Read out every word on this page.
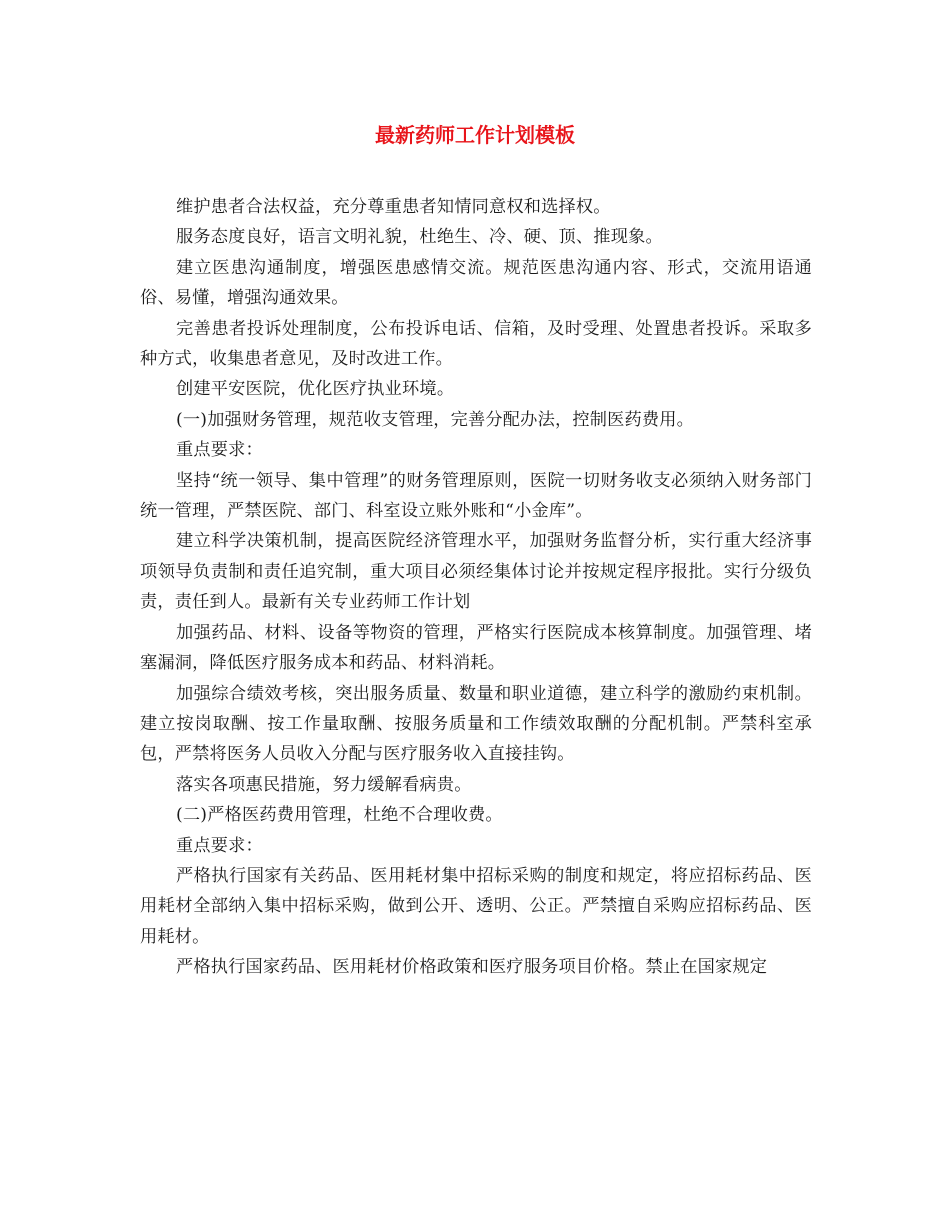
最新药师工作计划模板

维护患者合法权益，充分尊重患者知情同意权和选择权。

服务态度良好，语言文明礼貌，杜绝生、冷、硬、顶、推现象。

建立医患沟通制度，增强医患感情交流。规范医患沟通内容、形式，交流用语通俗、易懂，增强沟通效果。

完善患者投诉处理制度，公布投诉电话、信箱，及时受理、处置患者投诉。采取多种方式，收集患者意见，及时改进工作。

创建平安医院，优化医疗执业环境。

(一)加强财务管理，规范收支管理，完善分配办法，控制医药费用。

重点要求：

坚持“统一领导、集中管理”的财务管理原则，医院一切财务收支必须纳入财务部门统一管理，严禁医院、部门、科室设立账外账和“小金库”。

建立科学决策机制，提高医院经济管理水平，加强财务监督分析，实行重大经济事项领导负责制和责任追究制，重大项目必须经集体讨论并按规定程序报批。实行分级负责，责任到人。最新有关专业药师工作计划

加强药品、材料、设备等物资的管理，严格实行医院成本核算制度。加强管理、堵塞漏洞，降低医疗服务成本和药品、材料消耗。

加强综合绩效考核，突出服务质量、数量和职业道德，建立科学的激励约束机制。建立按岗取酬、按工作量取酬、按服务质量和工作绩效取酬的分配机制。严禁科室承包，严禁将医务人员收入分配与医疗服务收入直接挂钩。

落实各项惠民措施，努力缓解看病贵。

(二)严格医药费用管理，杜绝不合理收费。

重点要求：

严格执行国家有关药品、医用耗材集中招标采购的制度和规定，将应招标药品、医用耗材全部纳入集中招标采购，做到公开、透明、公正。严禁擅自采购应招标药品、医用耗材。

严格执行国家药品、医用耗材价格政策和医疗服务项目价格。禁止在国家规定
